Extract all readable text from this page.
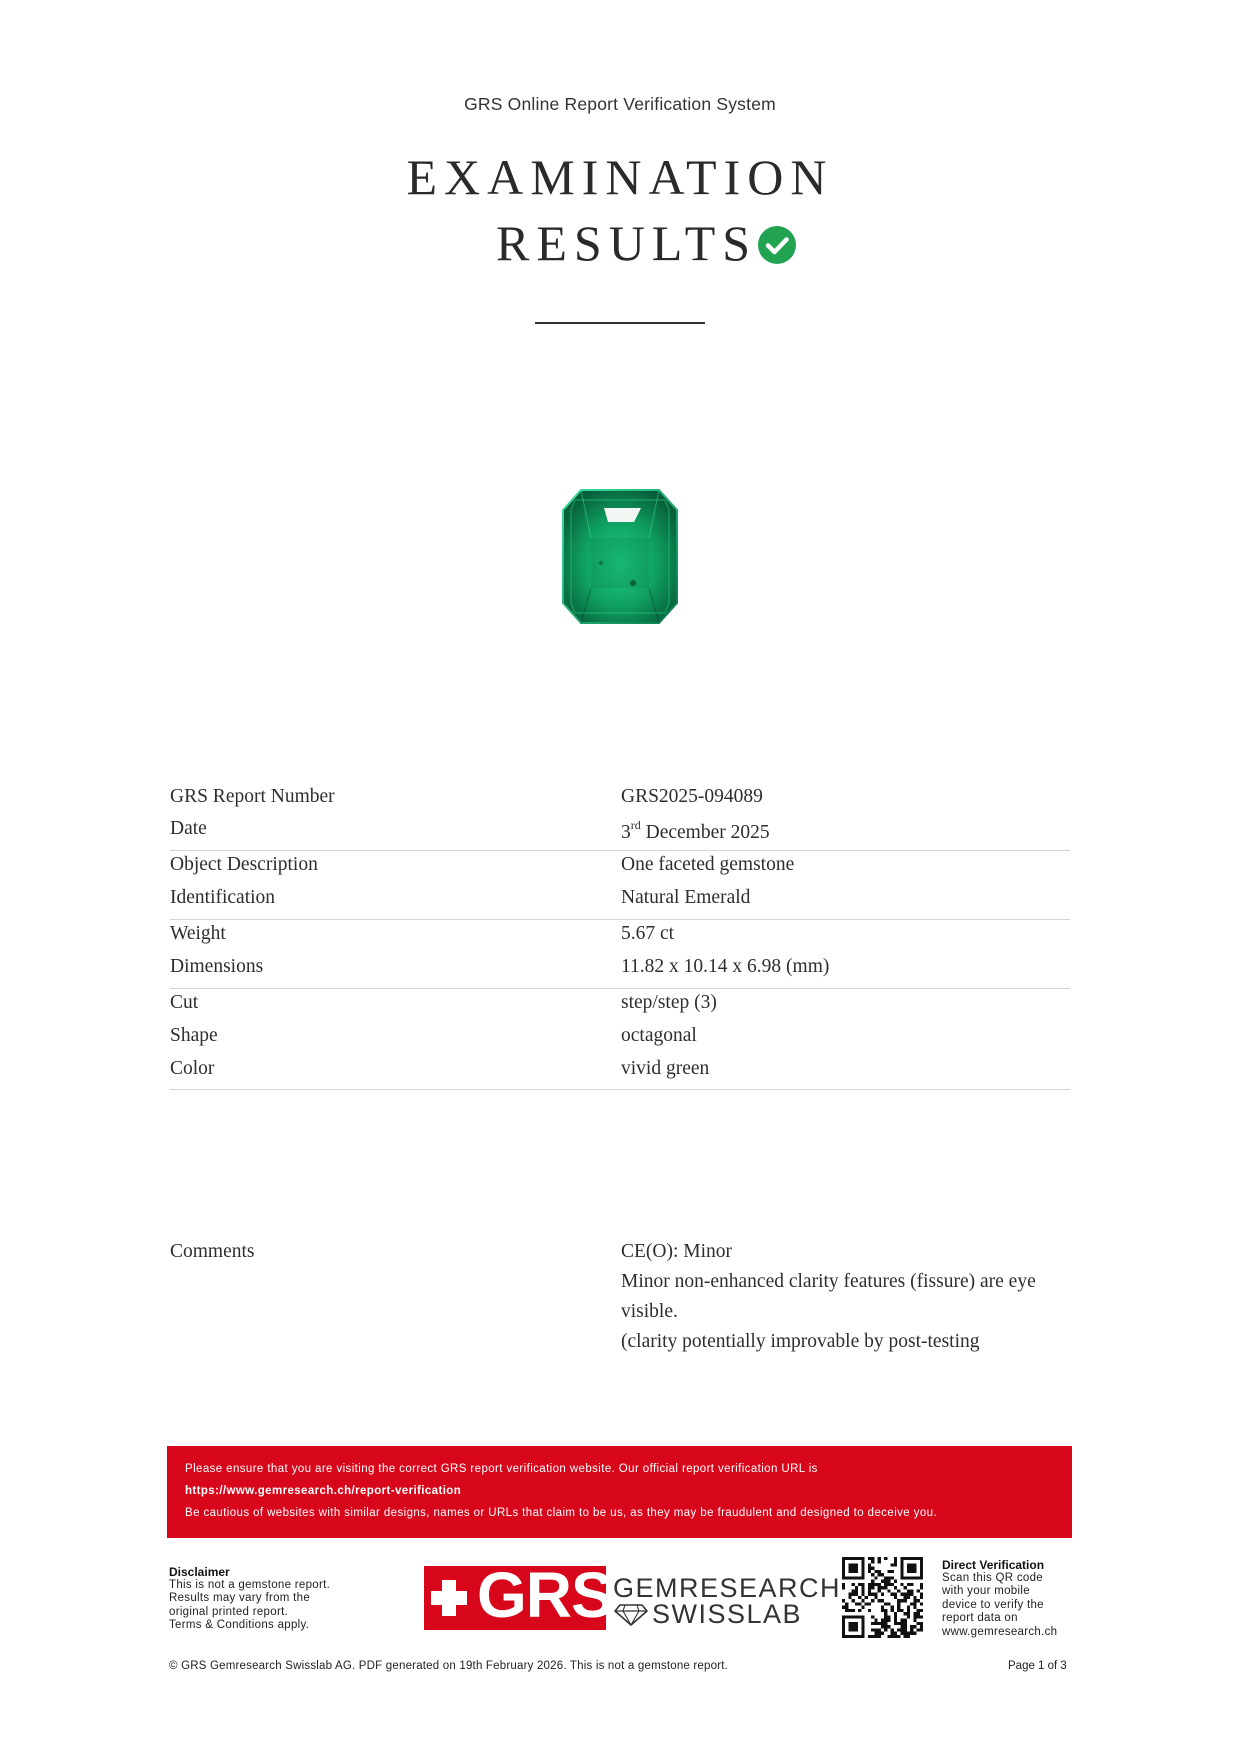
GRS Online Report Verification System
EXAMINATION
RESULTS
GRS Report Number	GRS2025-094089
Date	3rd December 2025
Object Description	One faceted gemstone
Identification	Natural Emerald
Weight	5.67 ct
Dimensions	11.82 x 10.14 x 6.98 (mm)
Cut	step/step (3)
Shape	octagonal
Color	vivid green
Comments	CE(O): Minor
Minor non-enhanced clarity features (fissure) are eye
visible.
(clarity potentially improvable by post-testing
Please ensure that you are visiting the correct GRS report verification website. Our official report verification URL is
https://www.gemresearch.ch/report-verification
Be cautious of websites with similar designs, names or URLs that claim to be us, as they may be fraudulent and designed to deceive you.
Disclaimer
This is not a gemstone report.
Results may vary from the
original printed report.
Terms & Conditions apply.	GRS GEMRESEARCH
SWISSLAB
Direct Verification
Scan this QR code
with your mobile
device to verify the
report data on
www.gemresearch.ch
© GRS Gemresearch Swisslab AG. PDF generated on 19th February 2026. This is not a gemstone report.	Page 1 of 3
